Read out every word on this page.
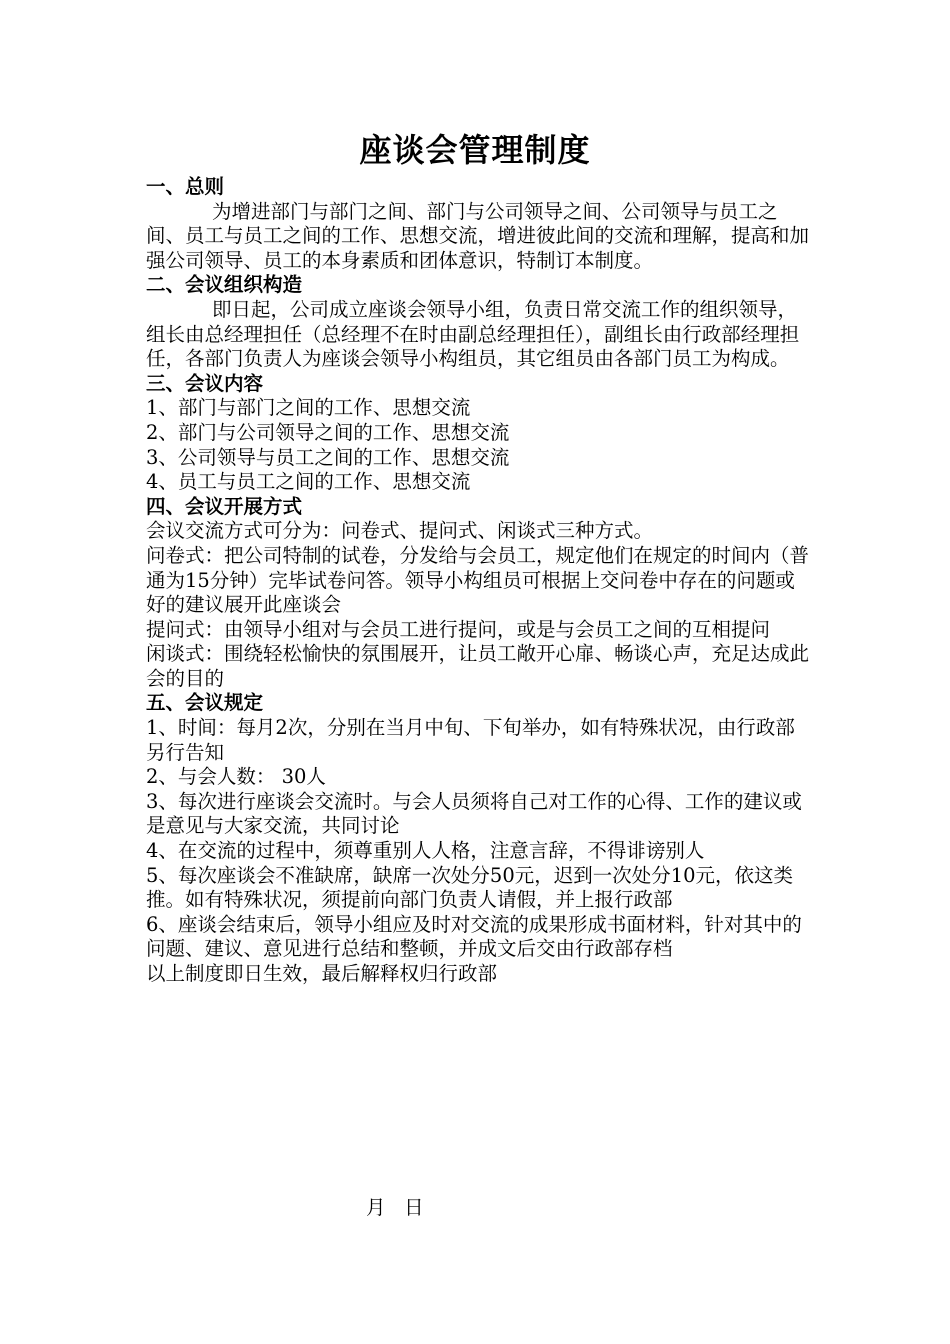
座谈会管理制度

一、总则

为增进部门与部门之间、部门与公司领导之间、公司领导与员工之间、员工与员工之间的工作、思想交流，增进彼此间的交流和理解，提高和加强公司领导、员工的本身素质和团体意识，特制订本制度。

二、会议组织构造

即日起，公司成立座谈会领导小组，负责日常交流工作的组织领导，组长由总经理担任（总经理不在时由副总经理担任），副组长由行政部经理担任，各部门负责人为座谈会领导小构组员，其它组员由各部门员工为构成。

三、会议内容

1、部门与部门之间的工作、思想交流

2、部门与公司领导之间的工作、思想交流

3、公司领导与员工之间的工作、思想交流

4、员工与员工之间的工作、思想交流

四、会议开展方式

会议交流方式可分为：问卷式、提问式、闲谈式三种方式。

问卷式：把公司特制的试卷，分发给与会员工，规定他们在规定的时间内（普通为15分钟）完毕试卷问答。领导小构组员可根据上交问卷中存在的问题或好的建议展开此座谈会

提问式：由领导小组对与会员工进行提问，或是与会员工之间的互相提问

闲谈式：围绕轻松愉快的氛围展开，让员工敞开心扉、畅谈心声，充足达成此会的目的

五、会议规定

1、时间：每月2次，分别在当月中旬、下旬举办，如有特殊状况，由行政部另行告知

2、与会人数： 30人

3、每次进行座谈会交流时。与会人员须将自己对工作的心得、工作的建议或是意见与大家交流，共同讨论

4、在交流的过程中，须尊重别人人格，注意言辞，不得诽谤别人

5、每次座谈会不准缺席，缺席一次处分50元，迟到一次处分10元，依这类推。如有特殊状况，须提前向部门负责人请假，并上报行政部

6、座谈会结束后，领导小组应及时对交流的成果形成书面材料，针对其中的问题、建议、意见进行总结和整顿，并成文后交由行政部存档

以上制度即日生效，最后解释权归行政部

月   日
